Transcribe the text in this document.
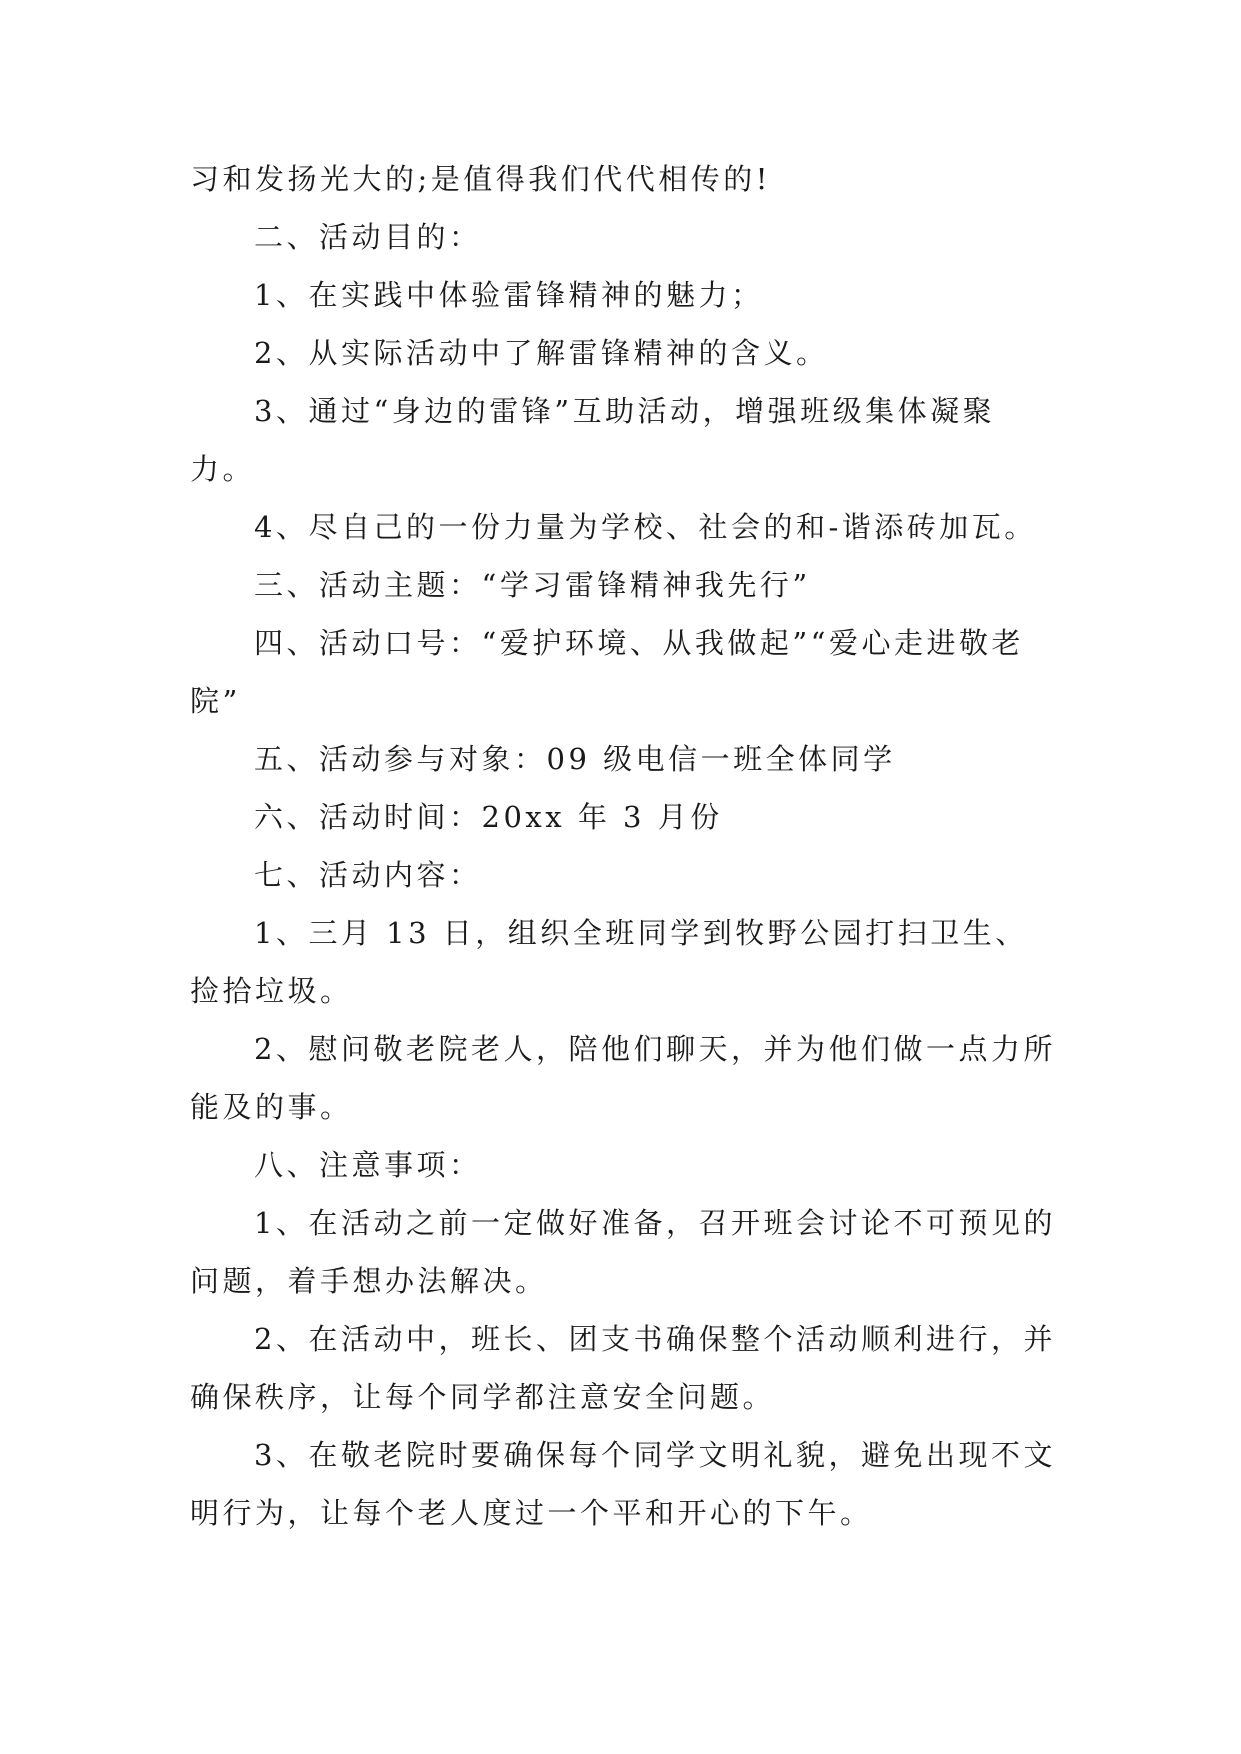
习和发扬光大的;是值得我们代代相传的!

二、活动目的：

1、在实践中体验雷锋精神的魅力；

2、从实际活动中了解雷锋精神的含义。

3、通过“身边的雷锋”互助活动，增强班级集体凝聚力。

4、尽自己的一份力量为学校、社会的和-谐添砖加瓦。

三、活动主题：“学习雷锋精神我先行”

四、活动口号：“爱护环境、从我做起”“爱心走进敬老院”

五、活动参与对象：09 级电信一班全体同学

六、活动时间：20xx 年 3 月份

七、活动内容：

1、三月 13 日，组织全班同学到牧野公园打扫卫生、捡拾垃圾。

2、慰问敬老院老人，陪他们聊天，并为他们做一点力所能及的事。

八、注意事项：

1、在活动之前一定做好准备，召开班会讨论不可预见的问题，着手想办法解决。

2、在活动中，班长、团支书确保整个活动顺利进行，并确保秩序，让每个同学都注意安全问题。

3、在敬老院时要确保每个同学文明礼貌，避免出现不文明行为，让每个老人度过一个平和开心的下午。
